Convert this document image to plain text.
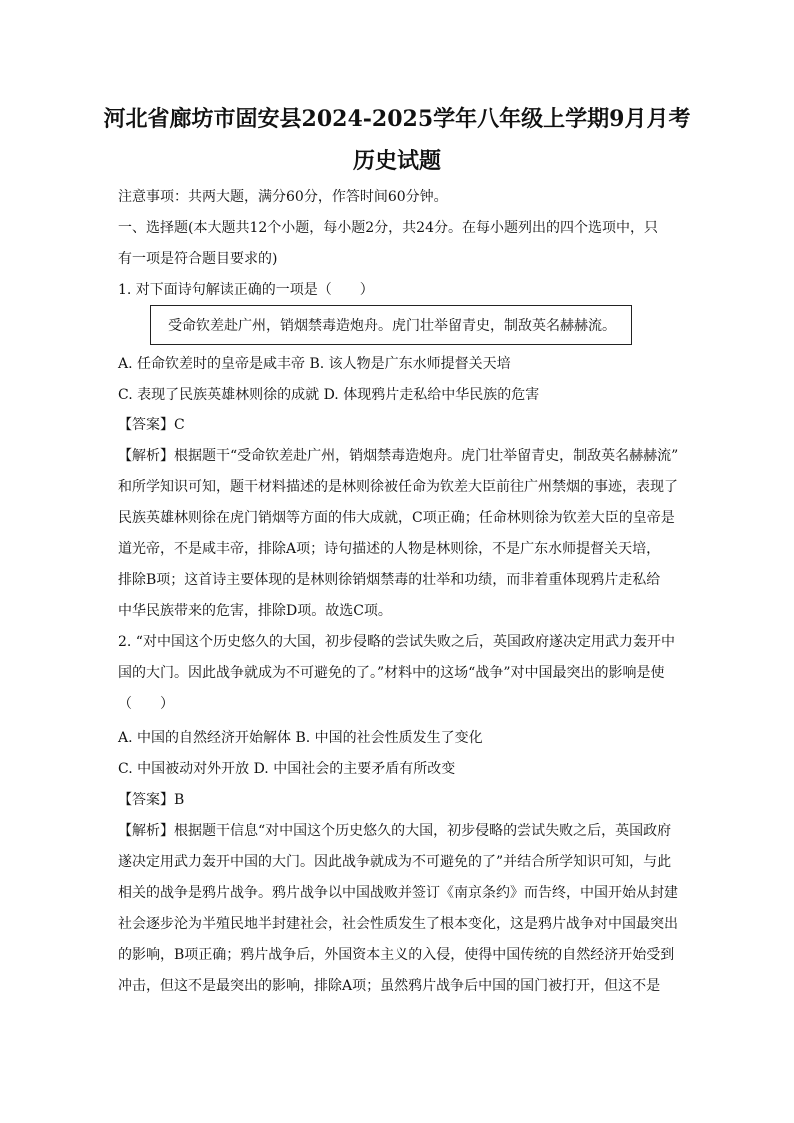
河北省廊坊市固安县2024-2025学年八年级上学期9月月考
历史试题
注意事项：共两大题，满分60分，作答时间60分钟。
一、选择题(本大题共12个小题，每小题2分，共24分。在每小题列出的四个选项中，只
有一项是符合题目要求的)
1. 对下面诗句解读正确的一项是（　　）
受命钦差赴广州，销烟禁毒造炮舟。虎门壮举留青史，制敌英名赫赫流。
A. 任命钦差时的皇帝是咸丰帝 B. 该人物是广东水师提督关天培
C. 表现了民族英雄林则徐的成就 D. 体现鸦片走私给中华民族的危害
【答案】C
【解析】根据题干“受命钦差赴广州，销烟禁毒造炮舟。虎门壮举留青史，制敌英名赫赫流”
和所学知识可知，题干材料描述的是林则徐被任命为钦差大臣前往广州禁烟的事迹，表现了
民族英雄林则徐在虎门销烟等方面的伟大成就，C项正确；任命林则徐为钦差大臣的皇帝是
道光帝，不是咸丰帝，排除A项；诗句描述的人物是林则徐，不是广东水师提督关天培，
排除B项；这首诗主要体现的是林则徐销烟禁毒的壮举和功绩，而非着重体现鸦片走私给
中华民族带来的危害，排除D项。故选C项。
2. “对中国这个历史悠久的大国，初步侵略的尝试失败之后，英国政府遂决定用武力轰开中
国的大门。因此战争就成为不可避免的了。”材料中的这场“战争”对中国最突出的影响是使
（　　）
A. 中国的自然经济开始解体 B. 中国的社会性质发生了变化
C. 中国被动对外开放 D. 中国社会的主要矛盾有所改变
【答案】B
【解析】根据题干信息“对中国这个历史悠久的大国，初步侵略的尝试失败之后，英国政府
遂决定用武力轰开中国的大门。因此战争就成为不可避免的了”并结合所学知识可知，与此
相关的战争是鸦片战争。鸦片战争以中国战败并签订《南京条约》而告终，中国开始从封建
社会逐步沦为半殖民地半封建社会，社会性质发生了根本变化，这是鸦片战争对中国最突出
的影响，B项正确；鸦片战争后，外国资本主义的入侵，使得中国传统的自然经济开始受到
冲击，但这不是最突出的影响，排除A项；虽然鸦片战争后中国的国门被打开，但这不是
